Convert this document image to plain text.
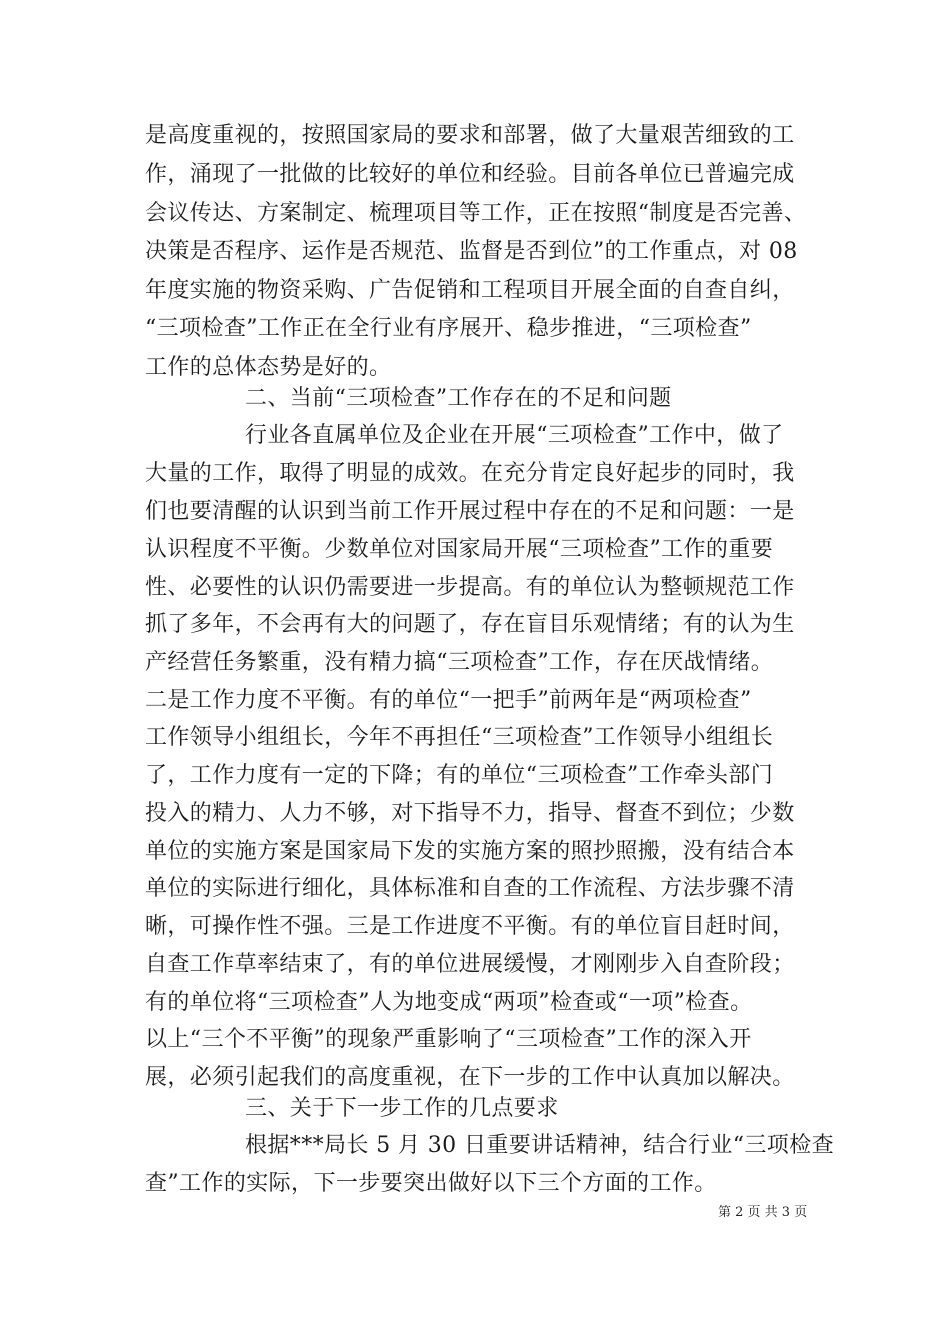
是高度重视的，按照国家局的要求和部署，做了大量艰苦细致的工
作，涌现了一批做的比较好的单位和经验。目前各单位已普遍完成
会议传达、方案制定、梳理项目等工作，正在按照“制度是否完善、
决策是否程序、运作是否规范、监督是否到位”的工作重点，对 08
年度实施的物资采购、广告促销和工程项目开展全面的自查自纠，
“三项检查”工作正在全行业有序展开、稳步推进，“三项检查”
工作的总体态势是好的。
二、当前“三项检查”工作存在的不足和问题
行业各直属单位及企业在开展“三项检查”工作中，做了
大量的工作，取得了明显的成效。在充分肯定良好起步的同时，我
们也要清醒的认识到当前工作开展过程中存在的不足和问题：一是
认识程度不平衡。少数单位对国家局开展“三项检查”工作的重要
性、必要性的认识仍需要进一步提高。有的单位认为整顿规范工作
抓了多年，不会再有大的问题了，存在盲目乐观情绪；有的认为生
产经营任务繁重，没有精力搞“三项检查”工作，存在厌战情绪。
二是工作力度不平衡。有的单位“一把手”前两年是“两项检查”
工作领导小组组长，今年不再担任“三项检查”工作领导小组组长
了，工作力度有一定的下降；有的单位“三项检查”工作牵头部门
投入的精力、人力不够，对下指导不力，指导、督查不到位；少数
单位的实施方案是国家局下发的实施方案的照抄照搬，没有结合本
单位的实际进行细化，具体标准和自查的工作流程、方法步骤不清
晰，可操作性不强。三是工作进度不平衡。有的单位盲目赶时间，
自查工作草率结束了，有的单位进展缓慢，才刚刚步入自查阶段；
有的单位将“三项检查”人为地变成“两项”检查或“一项”检查。
以上“三个不平衡”的现象严重影响了“三项检查”工作的深入开
展，必须引起我们的高度重视，在下一步的工作中认真加以解决。
三、关于下一步工作的几点要求
根据***局长 5 月 30 日重要讲话精神，结合行业“三项检查
查”工作的实际，下一步要突出做好以下三个方面的工作。
第 2 页 共 3 页
